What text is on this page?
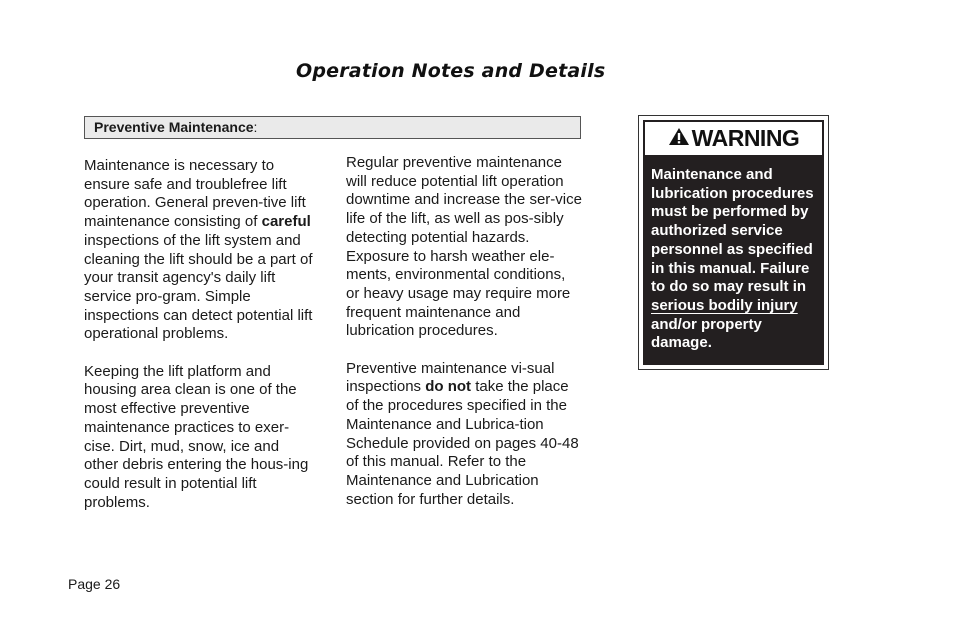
Operation Notes and Details
Preventive Maintenance:

Maintenance is necessary to ensure safe and troublefree lift operation. General preven-tive lift maintenance consisting of careful inspections of the lift system and cleaning the lift should be a part of your transit agency's daily lift service pro-gram. Simple inspections can detect potential lift operational problems.

Keeping the lift platform and housing area clean is one of the most effective preventive maintenance practices to exer-cise. Dirt, mud, snow, ice and other debris entering the hous-ing could result in potential lift problems.

Regular preventive maintenance will reduce potential lift operation downtime and increase the ser-vice life of the lift, as well as pos-sibly detecting potential hazards. Exposure to harsh weather ele-ments, environmental conditions, or heavy usage may require more frequent maintenance and lubrication procedures.

Preventive maintenance vi-sual inspections do not take the place of the procedures specified in the Maintenance and Lubrica-tion Schedule provided on pages 40-48 of this manual. Refer to the Maintenance and Lubrication section for further details.

WARNING
Maintenance and lubrication procedures must be performed by authorized service personnel as specified in this manual. Failure to do so may result in serious bodily injury and/or property damage.
Page 26
